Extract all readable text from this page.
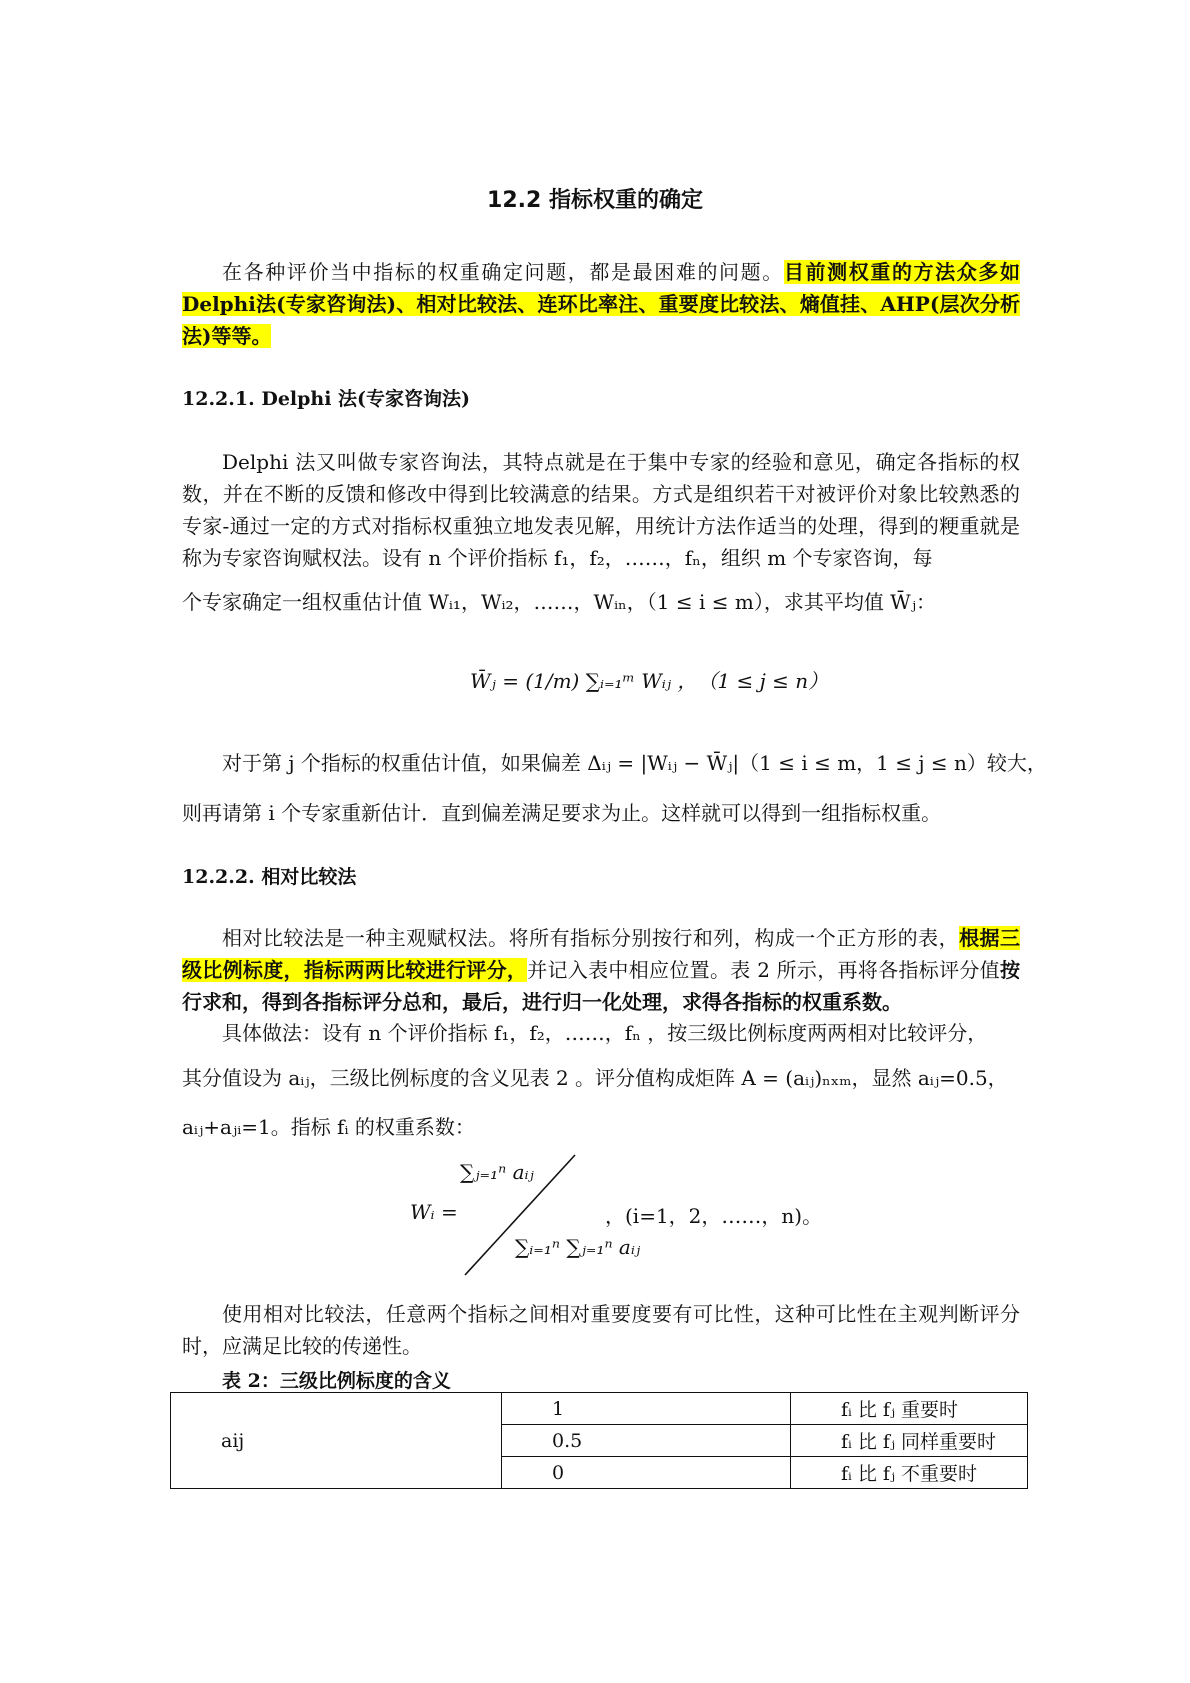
12.2 指标权重的确定
在各种评价当中指标的权重确定问题，都是最困难的问题。目前测权重的方法众多如Delphi法(专家咨询法)、相对比较法、连环比率注、重要度比较法、熵值挂、AHP(层次分析法)等等。
12.2.1. Delphi 法(专家咨询法)
Delphi 法又叫做专家咨询法，其特点就是在于集中专家的经验和意见，确定各指标的权数，并在不断的反馈和修改中得到比较满意的结果。方式是组织若干对被评价对象比较熟悉的专家-通过一定的方式对指标权重独立地发表见解，用统计方法作适当的处理，得到的粳重就是称为专家咨询赋权法。设有 n 个评价指标 f₁，f₂，……，fₙ，组织 m 个专家咨询，每
个专家确定一组权重估计值 Wᵢ₁，Wᵢ₂，……，Wᵢₙ，（1 ≤ i ≤ m），求其平均值 W̄ⱼ：
W̄ⱼ = (1/m) ∑ᵢ₌₁ᵐ Wᵢⱼ ，　（1 ≤ j ≤ n）
对于第 j 个指标的权重估计值，如果偏差 Δᵢⱼ = |Wᵢⱼ − W̄ⱼ|（1 ≤ i ≤ m，1 ≤ j ≤ n）较大，
则再请第 i 个专家重新估计．直到偏差满足要求为止。这样就可以得到一组指标权重。
12.2.2. 相对比较法
相对比较法是一种主观赋权法。将所有指标分别按行和列，构成一个正方形的表，根据三级比例标度，指标两两比较进行评分，并记入表中相应位置。表 2 所示，再将各指标评分值按行求和，得到各指标评分总和，最后，进行归一化处理，求得各指标的权重系数。
具体做法：设有 n 个评价指标 f₁，f₂，……，fₙ ，按三级比例标度两两相对比较评分，
其分值设为 aᵢⱼ，三级比例标度的含义见表 2 。评分值构成炬阵 A = (aᵢⱼ)ₙₓₘ，显然 aᵢⱼ=0.5，
aᵢⱼ+aⱼᵢ=1。指标 fᵢ 的权重系数：
Wᵢ =
∑ⱼ₌₁ⁿ aᵢⱼ
∑ᵢ₌₁ⁿ ∑ⱼ₌₁ⁿ aᵢⱼ
，(i=1，2，……，n)。
使用相对比较法，任意两个指标之间相对重要度要有可比性，这种可比性在主观判断评分时，应满足比较的传递性。
表 2：三级比例标度的含义
aij	1	fᵢ 比 fⱼ 重要时
	0.5	fᵢ 比 fⱼ 同样重要时
	0	fᵢ 比 fⱼ 不重要时
